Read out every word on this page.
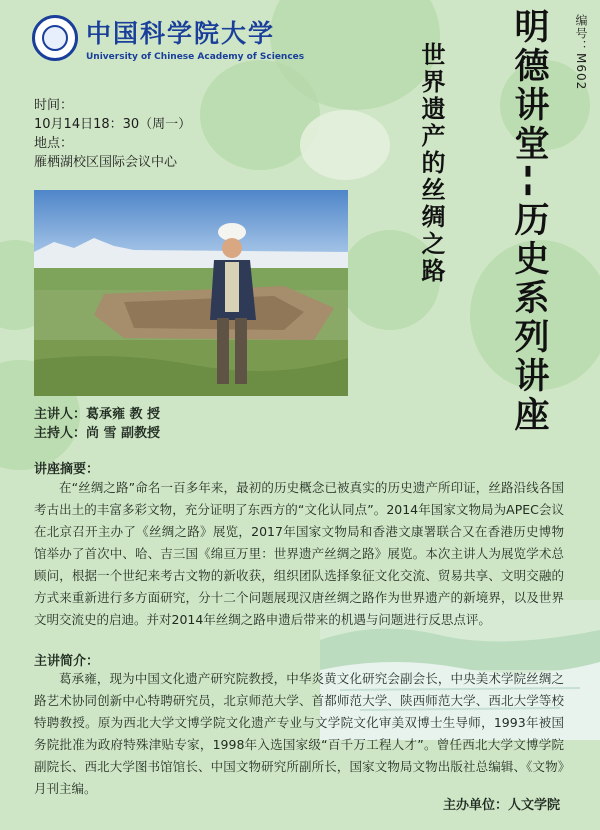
中国科学院大学
University of Chinese Academy of Sciences	编号：M602
明德讲堂--历史系列讲座
世界遗产的丝绸之路
时间：
10月14日18：30（周一）
地点：
雁栖湖校区国际会议中心
主讲人：葛承雍 教 授
主持人：尚 雪 副教授
讲座摘要：
在“丝绸之路”命名一百多年来，最初的历史概念已被真实的历史遗产所印证，丝路沿线各国考古出土的丰富多彩文物，充分证明了东西方的“文化认同点”。2014年国家文物局为APEC会议在北京召开主办了《丝绸之路》展览，2017年国家文物局和香港文康署联合又在香港历史博物馆举办了首次中、哈、吉三国《绵亘万里：世界遗产丝绸之路》展览。本次主讲人为展览学术总顾问，根据一个世纪来考古文物的新收获，组织团队选择象征文化交流、贸易共享、文明交融的方式来重新进行多方面研究，分十二个问题展现汉唐丝绸之路作为世界遗产的新境界，以及世界文明交流史的启迪。并对2014年丝绸之路申遗后带来的机遇与问题进行反思点评。
主讲简介：
葛承雍，现为中国文化遗产研究院教授，中华炎黄文化研究会副会长，中央美术学院丝绸之路艺术协同创新中心特聘研究员，北京师范大学、首都师范大学、陕西师范大学、西北大学等校特聘教授。原为西北大学文博学院文化遗产专业与文学院文化审美双博士生导师，1993年被国务院批准为政府特殊津贴专家，1998年入选国家级“百千万工程人才”。曾任西北大学文博学院副院长、西北大学图书馆馆长、中国文物研究所副所长，国家文物局文物出版社总编辑、《文物》月刊主编。
主办单位：人文学院
